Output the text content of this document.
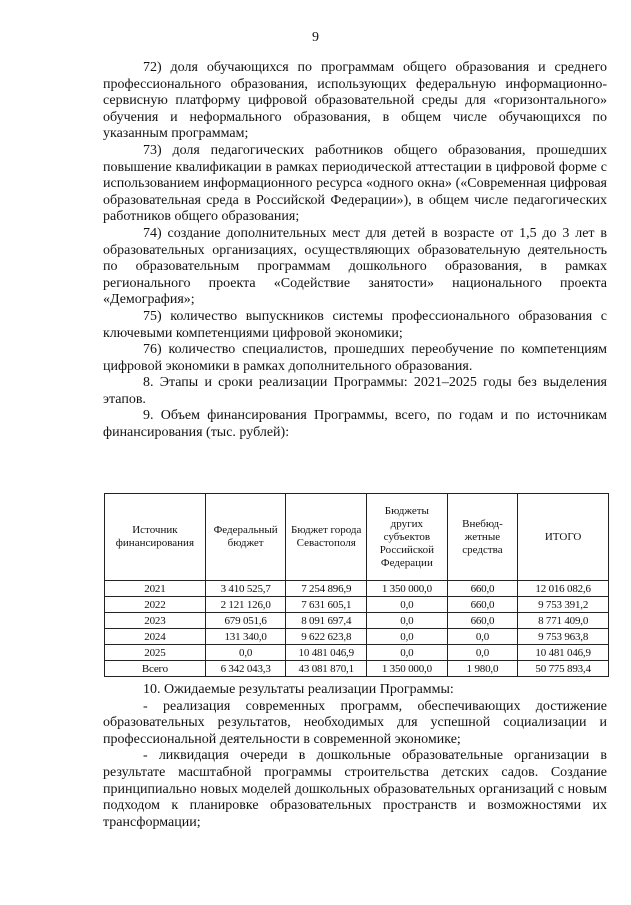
9

72) доля обучающихся по программам общего образования и среднего профессионального образования, использующих федеральную информационно-сервисную платформу цифровой образовательной среды для «горизонтального» обучения и неформального образования, в общем числе обучающихся по указанным программам;

73) доля педагогических работников общего образования, прошедших повышение квалификации в рамках периодической аттестации в цифровой форме с использованием информационного ресурса «одного окна» («Современная цифровая образовательная среда в Российской Федерации»), в общем числе педагогических работников общего образования;

74) создание дополнительных мест для детей в возрасте от 1,5 до 3 лет в образовательных организациях, осуществляющих образовательную деятельность по образовательным программам дошкольного образования, в рамках регионального проекта «Содействие занятости» национального проекта «Демография»;

75) количество выпускников системы профессионального образования с ключевыми компетенциями цифровой экономики;

76) количество специалистов, прошедших переобучение по компетенциям цифровой экономики в рамках дополнительного образования.

8. Этапы и сроки реализации Программы: 2021–2025 годы без выделения этапов.

9. Объем финансирования Программы, всего, по годам и по источникам финансирования (тыс. рублей):

Источник финансирования	Федеральный бюджет	Бюджет города Севастополя	Бюджеты других субъектов Российской Федерации	Внебюд-жетные средства	ИТОГО
2021	3 410 525,7	7 254 896,9	1 350 000,0	660,0	12 016 082,6
2022	2 121 126,0	7 631 605,1	0,0	660,0	9 753 391,2
2023	679 051,6	8 091 697,4	0,0	660,0	8 771 409,0
2024	131 340,0	9 622 623,8	0,0	0,0	9 753 963,8
2025	0,0	10 481 046,9	0,0	0,0	10 481 046,9
Всего	6 342 043,3	43 081 870,1	1 350 000,0	1 980,0	50 775 893,4

10. Ожидаемые результаты реализации Программы:

- реализация современных программ, обеспечивающих достижение образовательных результатов, необходимых для успешной социализации и профессиональной деятельности в современной экономике;

- ликвидация очереди в дошкольные образовательные организации в результате масштабной программы строительства детских садов. Создание принципиально новых моделей дошкольных образовательных организаций с новым подходом к планировке образовательных пространств и возможностями их трансформации;
